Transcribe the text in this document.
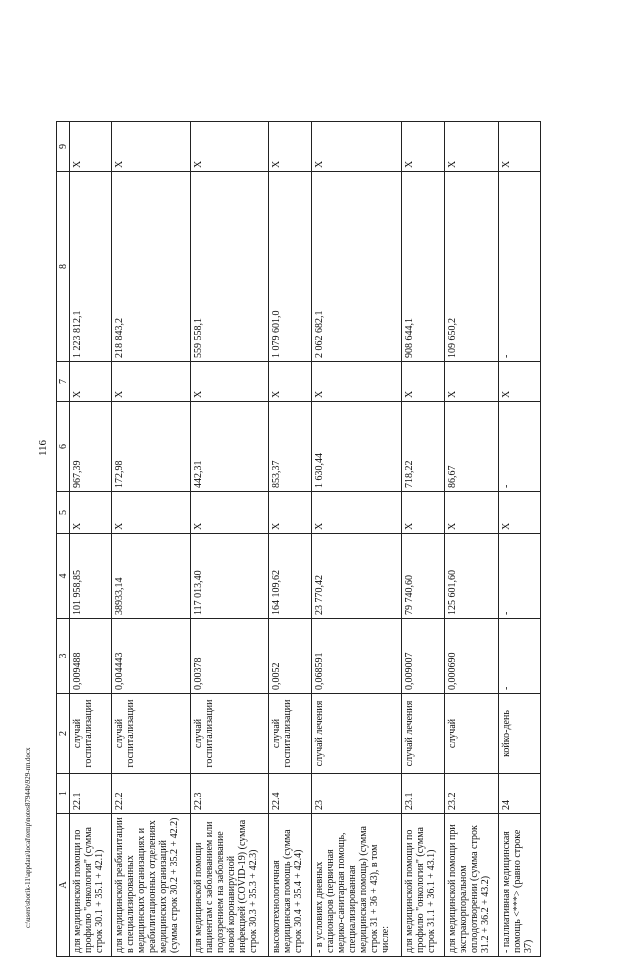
116
А	1	2	3	4	5	6	7	8	9
для медицинской помощи по профилю "онкология" (сумма строк 30.1 + 35.1 + 42.1)	22.1	случай госпитализации	0,009488	101 958,85	Х	967,39	Х	1 223 812,1	Х
для медицинской реабилитации в специализированных медицинских организациях и реабилитационных отделениях медицинских организаций (сумма строк 30.2 + 35.2 + 42.2)	22.2	случай госпитализации	0,004443	38933,14	Х	172,98	Х	218 843,2	Х
для медицинской помощи пациентам с заболеванием или подозрением на заболевание новой коронавирусной инфекцией (COVID-19) (сумма строк 30.3 + 35.3 + 42.3)	22.3	случай госпитализации	0,00378	117 013,40	Х	442,31	Х	559 558,1	Х
высокотехнологичная медицинская помощь (сумма строк 30.4 + 35.4 + 42.4)	22.4	случай госпитализации	0,0052	164 109,62	Х	853,37	Х	1 079 601,0	Х
- в условиях дневных стационаров (первичная медико-санитарная помощь, специализированная медицинская помощь) (сумма строк 31 + 36 + 43), в том числе:	23	случай лечения	0,068591	23 770,42	Х	1 630,44	Х	2 062 682,1	Х
для медицинской помощи по профилю "онкология" (сумма строк 31.1 + 36.1 + 43.1)	23.1	случай лечения	0,009007	79 740,60	Х	718,22	Х	908 644,1	Х
для медицинской помощи при экстракорпоральном оплодотворении (сумма строк 31.2 + 36.2 + 43.2)	23.2	случай	0,000690	125 601,60	Х	86,67	Х	109 650,2	Х
- паллиативная медицинская помощь <***> (равно строке 37)	24	койко-день	-	-	Х	-	Х	-	Х
c:\users\sborik-11\appdata\local\temp\notes87944b\929-пп.docx
